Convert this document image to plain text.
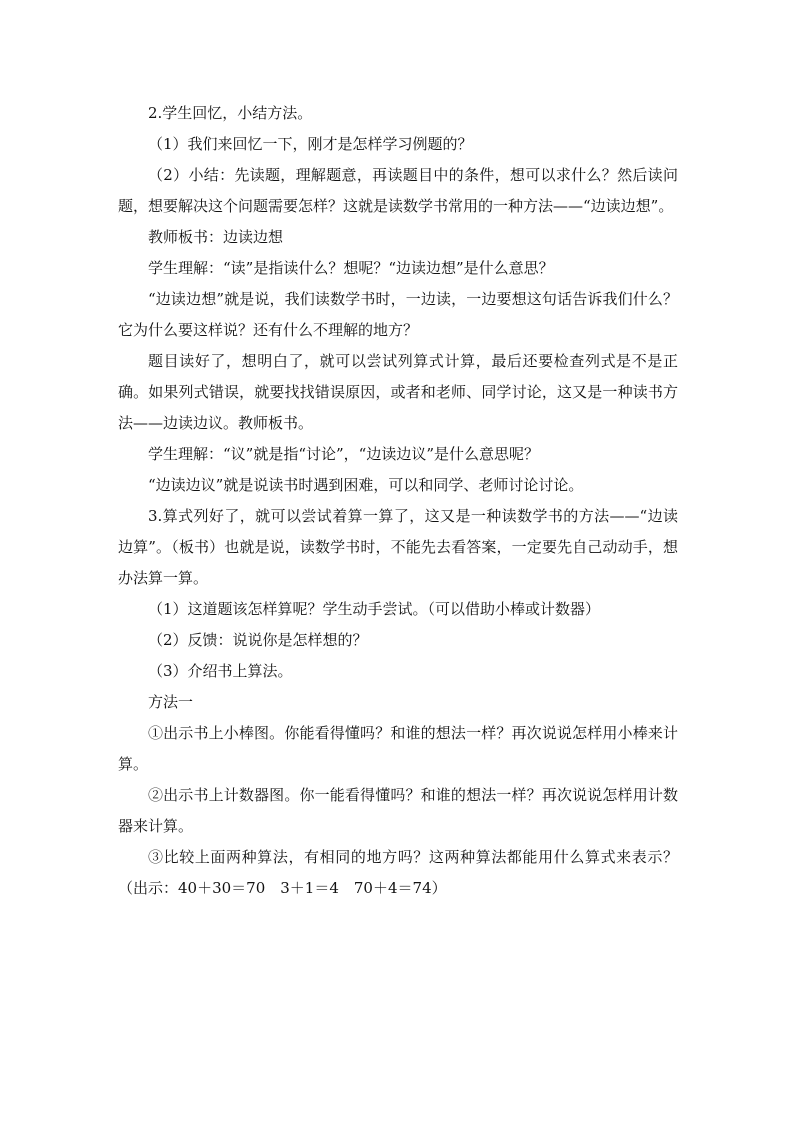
2.学生回忆，小结方法。

（1）我们来回忆一下，刚才是怎样学习例题的？

（2）小结：先读题，理解题意，再读题目中的条件，想可以求什么？然后读问题，想要解决这个问题需要怎样？这就是读数学书常用的一种方法——“边读边想”。

教师板书：边读边想

学生理解：“读”是指读什么？想呢？“边读边想”是什么意思？

“边读边想”就是说，我们读数学书时，一边读，一边要想这句话告诉我们什么？它为什么要这样说？还有什么不理解的地方？

题目读好了，想明白了，就可以尝试列算式计算，最后还要检查列式是不是正确。如果列式错误，就要找找错误原因，或者和老师、同学讨论，这又是一种读书方法——边读边议。教师板书。

学生理解：“议”就是指“讨论”，“边读边议”是什么意思呢？

“边读边议”就是说读书时遇到困难，可以和同学、老师讨论讨论。

3.算式列好了，就可以尝试着算一算了，这又是一种读数学书的方法——“边读边算”。（板书）也就是说，读数学书时，不能先去看答案，一定要先自己动动手，想办法算一算。

（1）这道题该怎样算呢？学生动手尝试。（可以借助小棒或计数器）

（2）反馈：说说你是怎样想的？

（3）介绍书上算法。

方法一

①出示书上小棒图。你能看得懂吗？和谁的想法一样？再次说说怎样用小棒来计算。

②出示书上计数器图。你一能看得懂吗？和谁的想法一样？再次说说怎样用计数器来计算。

③比较上面两种算法，有相同的地方吗？这两种算法都能用什么算式来表示？（出示：40＋30＝70　3＋1＝4　70＋4＝74）
